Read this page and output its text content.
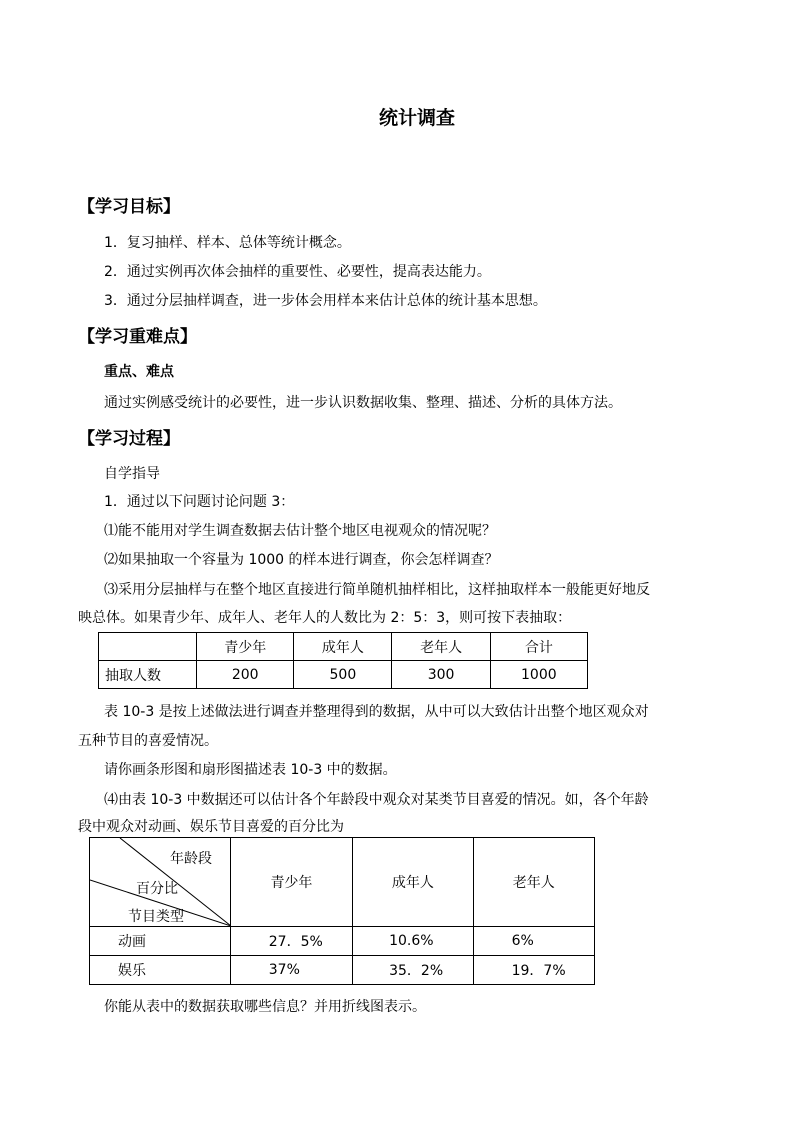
统计调查
【学习目标】
1．复习抽样、样本、总体等统计概念。
2．通过实例再次体会抽样的重要性、必要性，提高表达能力。
3．通过分层抽样调查，进一步体会用样本来估计总体的统计基本思想。
【学习重难点】
重点、难点
通过实例感受统计的必要性，进一步认识数据收集、整理、描述、分析的具体方法。
【学习过程】
自学指导
1．通过以下问题讨论问题 3：
⑴能不能用对学生调查数据去估计整个地区电视观众的情况呢？
⑵如果抽取一个容量为 1000 的样本进行调查，你会怎样调查？
⑶采用分层抽样与在整个地区直接进行简单随机抽样相比，这样抽取样本一般能更好地反
映总体。如果青少年、成年人、老年人的人数比为 2：5：3，则可按下表抽取：
	青少年	成年人	老年人	合计
抽取人数	200	500	300	1000
表 10-3 是按上述做法进行调查并整理得到的数据，从中可以大致估计出整个地区观众对
五种节目的喜爱情况。
请你画条形图和扇形图描述表 10-3 中的数据。
⑷由表 10-3 中数据还可以估计各个年龄段中观众对某类节目喜爱的情况。如，各个年龄
段中观众对动画、娱乐节目喜爱的百分比为
年龄段
百分比
节目类型	青少年	成年人	老年人
动画	27．5%	10.6%	6%
娱乐	37%	35．2%	19．7%
你能从表中的数据获取哪些信息？并用折线图表示。
